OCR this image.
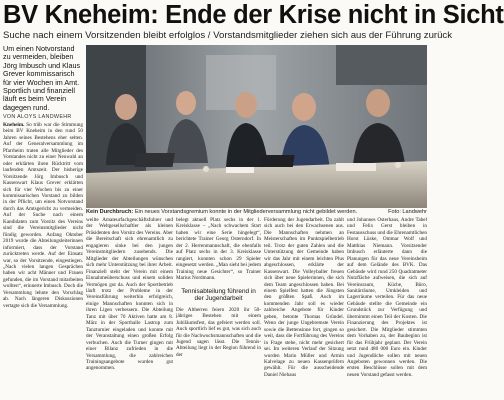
BV Kneheim: Ende der Krise nicht in Sicht
Suche nach einem Vorsitzenden bleibt erfolglos / Vorstandsmitglieder ziehen sich aus der Führung zurück
Um einen Notvorstand zu vermeiden, bleiben Jörg Imbusch und Klaus Grever kommissarisch für vier Wochen im Amt. Sportlich und finanziell läuft es beim Verein dagegen rund.
VON ALOYS LANDWEHR

Kneheim. So trüb war die Stimmung beim BV Kneheim in den rund 50 Jahren seines Bestehens eher selten. Auf der Generalversammlung im Pfarrheim traten alle Mitglieder des Vorstandes nicht zu einer Neuwahl an oder erklärten ihren Rücktritt vom laufenden Amtszeit. Der bisherige Vorsitzende Jörg Imbusch und Kassenwart Klaus Grever erklärten sich für vier Wochen bis zu einer kommissarischen Vorstand zu bilden in der Pflicht, um einen Notvorstand durch das Amtsgericht zu vermeiden. Auf der Suche nach einem Kandidaten zum Vorsitz des Vereins sind die Vereinsmitglieder nicht fündig geworden. Anfang Oktober 2019 wurde die Abteilungsleiterinnen informiert, dass der Vorstand zurücktreten werde. Auf der Einsatz war, so der Vorsitzende, eingestiegen. „Nach vielen langen Gesprächen haben wir acht Männer und Frauen gefunden, die im Vorstand mitarbeiten wollten“, erinnerte Imbusch. Doch die Versammlung lehnte den Vorschlag ab. Nach längeren Diskussionen vertagte sich die Versammlung.

Kein Durchbruch: Ein neues Vorstandsgremium konnte in der Mitgliederversammlung nicht gebildet werden.	Foto: Landwehr

weilte Amateurfachgeschäftsfuhrer und der Weltgesellschaftler als kleinen Präsidenten den Vorsitz des Vereins. Aber die Bereitschaft sich ehrenamtlich zu engagieren sinke bei den jungen Vereinsmitgliedern zusehends. Die Mitglieder der Abteilungen wünschen sich mehr Unterstützung bei ihrer Arbeit. Finanziell steht der Verein mit einem Einnahmeüberschuss und einem soliden Vermögen gut da. Auch der Sportbetrieb läuft trotz der Probleme in der Vereinsführung weiterhin erfolgreich, einige Mannschaften konnten sich in ihren Ligen verbessern. Die Abteilung Tanz mit über 70 Aktiven hatte am 8. März in der Sporthalle Lastrup zum Tanzturnier eingeladen und konnte mit der Veranstaltung einen großen Erfolg verbuchen. Auch die Turner gingen mit einer Bilanz zufrieden in die Versammlung, die zahlreichen Trainingsangebote wurden gut angenommen.

belegt aktuell Platz sechs in der 1. Kreisklasse – „Nach schwachem Start haben wir eine Serie hingelegt“, berichtete Trainer Georg Osterndorf. In der 2. Herrenmannschaft, die ebenfalls auf Platz sechs in der 3. Kreisklasse rangiert, konnten schon 29 Spieler eingesetzt werden. „Man sieht bei jedem Training neue Gesichter“, so Trainer Marius Nordmann.

Tennisabteilung führend in der Jugendarbeit

Die Altherren feiern 2020 ihr 50-jähriges Bestehen mit einem Jubiläumsfest, das gefeiert werden soll. Auch sportlich lief es gut, was sich auch für die Nachwuchsmannschaften und die Jugend sagen lässt. Die Tennis-Abteilung liegt in der Region führend in der

Förderung der Jugendarbeit. Da zahlt sich auch bei den Erwachsenen aus. Die Mannschaften nehmen an Meisterschaften im Punktspielbetrieb teil. Trotz der guten Zahlen und die Unterstützung der Gemeinde haben wir das Jahr mit einem leichten Plus abgeschlossen, erklärte der Kassenwart. Die Volleyballer freuen sich über neue Spielerinnen, die sich dem Team angeschlossen haben. Bei einem Spielfest hatten die Jüngsten den größten Spaß. Auch im kommenden Jahr soll es wieder zahlreiche Angebote für Kinder geben, betonte Thomas Gründel. Wenn der junge Ungebremste Verein sowie die Bettensinne fort, gingen so weit, dass die Fortführung des Vereins in Frage stehe, nicht mehr gesichert sei. Im weiteren Verlauf der Sitzung wurden Mario Müller und Armin Kalvelage zu neuen Kassenprüfern gewählt. Für die ausscheidende Daniel Niehaus

und Johannes Osterhaus, Andre Tabel und Felix Gerst bleiben in Festausschuss und die Ehrenamtlichen Horst Lüske, Ommar Wolf und Matthias Niemann. Vorsitzender Imbusch erläuterte dann die Planungen für das neue Vereinsheim auf dem Gelände des BVK. Das Gebäude wird rund 250 Quadratmeter Nutzfläche aufweisen, die sich auf Vereinsraum, Küche, Büro, Sanitärräume, Umkleiden und Lagerräume verteilen. Für das neue Gebäude stellte die Gemeinde ein Grundstück zur Verfügung und übernimmt einen Teil der Kosten. Die Finanzierung des Projektes ist gesichert. Die Mitglieder stimmten dem Vorhaben zu, der Baubeginn ist für das Frühjahr geplant. Der Verein setzt rund 480 000 Euro ein. Kinder und Jugendliche sollen mit neuen Angeboten gewonnen werden. Die ersten Beschlüsse sollen mit dem neuen Vorstand gefasst werden.
